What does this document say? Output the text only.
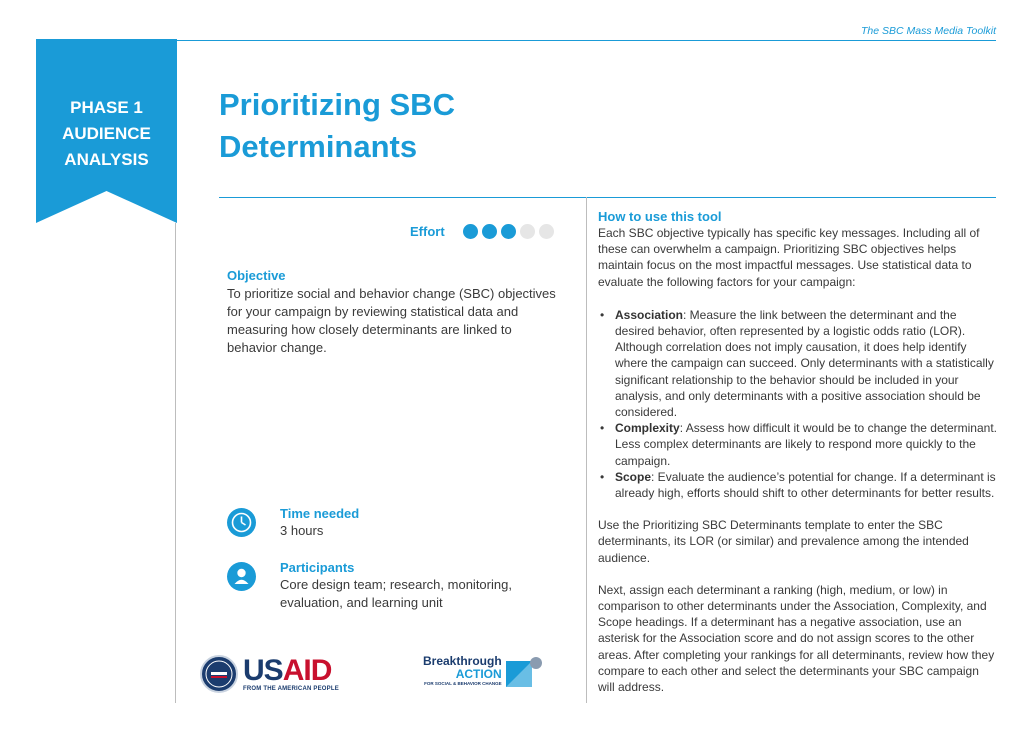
The SBC Mass Media Toolkit
PHASE 1
AUDIENCE
ANALYSIS
Prioritizing SBC Determinants
Effort
Objective
To prioritize social and behavior change (SBC) objectives for your campaign by reviewing statistical data and measuring how closely determinants are linked to behavior change.
Time needed
3 hours
Participants
Core design team; research, monitoring, evaluation, and learning unit
How to use this tool

Each SBC objective typically has specific key messages. Including all of these can overwhelm a campaign. Prioritizing SBC objectives helps maintain focus on the most impactful messages. Use statistical data to evaluate the following factors for your campaign:

• Association: Measure the link between the determinant and the desired behavior, often represented by a logistic odds ratio (LOR). Although correlation does not imply causation, it does help identify where the campaign can succeed. Only determinants with a statistically significant relationship to the behavior should be included in your analysis, and only determinants with a positive association should be considered.
• Complexity: Assess how difficult it would be to change the determinant. Less complex determinants are likely to respond more quickly to the campaign.
• Scope: Evaluate the audience’s potential for change. If a determinant is already high, efforts should shift to other determinants for better results.

Use the Prioritizing SBC Determinants template to enter the SBC determinants, its LOR (or similar) and prevalence among the intended audience.

Next, assign each determinant a ranking (high, medium, or low) in comparison to other determinants under the Association, Complexity, and Scope headings. If a determinant has a negative association, use an asterisk for the Association score and do not assign scores to the other areas. After completing your rankings for all determinants, review how they compare to each other and select the determinants your SBC campaign will address.

USAID
FROM THE AMERICAN PEOPLE
Breakthrough
ACTION
FOR SOCIAL & BEHAVIOR CHANGE
